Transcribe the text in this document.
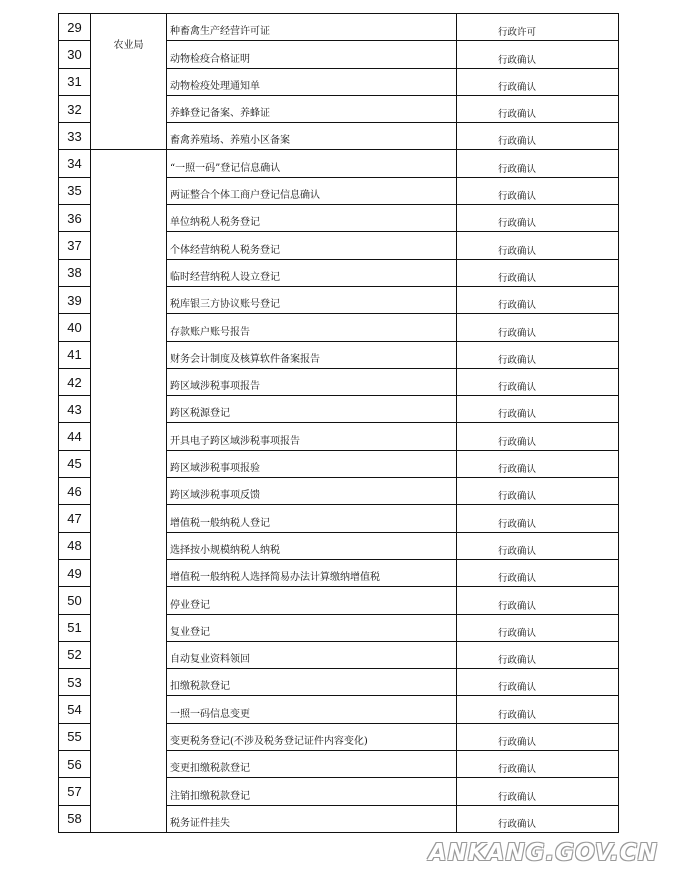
29	农业局	种畜禽生产经营许可证	行政许可
30		动物检疫合格证明	行政确认
31		动物检疫处理通知单	行政确认
32		养蜂登记备案、养蜂证	行政确认
33		畜禽养殖场、养殖小区备案	行政确认
34		“一照一码”登记信息确认	行政确认
35		两证整合个体工商户登记信息确认	行政确认
36		单位纳税人税务登记	行政确认
37		个体经营纳税人税务登记	行政确认
38		临时经营纳税人设立登记	行政确认
39		税库银三方协议账号登记	行政确认
40		存款账户账号报告	行政确认
41		财务会计制度及核算软件备案报告	行政确认
42		跨区域涉税事项报告	行政确认
43		跨区税源登记	行政确认
44		开具电子跨区域涉税事项报告	行政确认
45		跨区域涉税事项报验	行政确认
46		跨区域涉税事项反馈	行政确认
47		增值税一般纳税人登记	行政确认
48		选择按小规模纳税人纳税	行政确认
49		增值税一般纳税人选择简易办法计算缴纳增值税	行政确认
50		停业登记	行政确认
51		复业登记	行政确认
52		自动复业资料领回	行政确认
53		扣缴税款登记	行政确认
54		一照一码信息变更	行政确认
55		变更税务登记(不涉及税务登记证件内容变化)	行政确认
56		变更扣缴税款登记	行政确认
57		注销扣缴税款登记	行政确认
58		税务证件挂失	行政确认
ANKANG.GOV.CN
